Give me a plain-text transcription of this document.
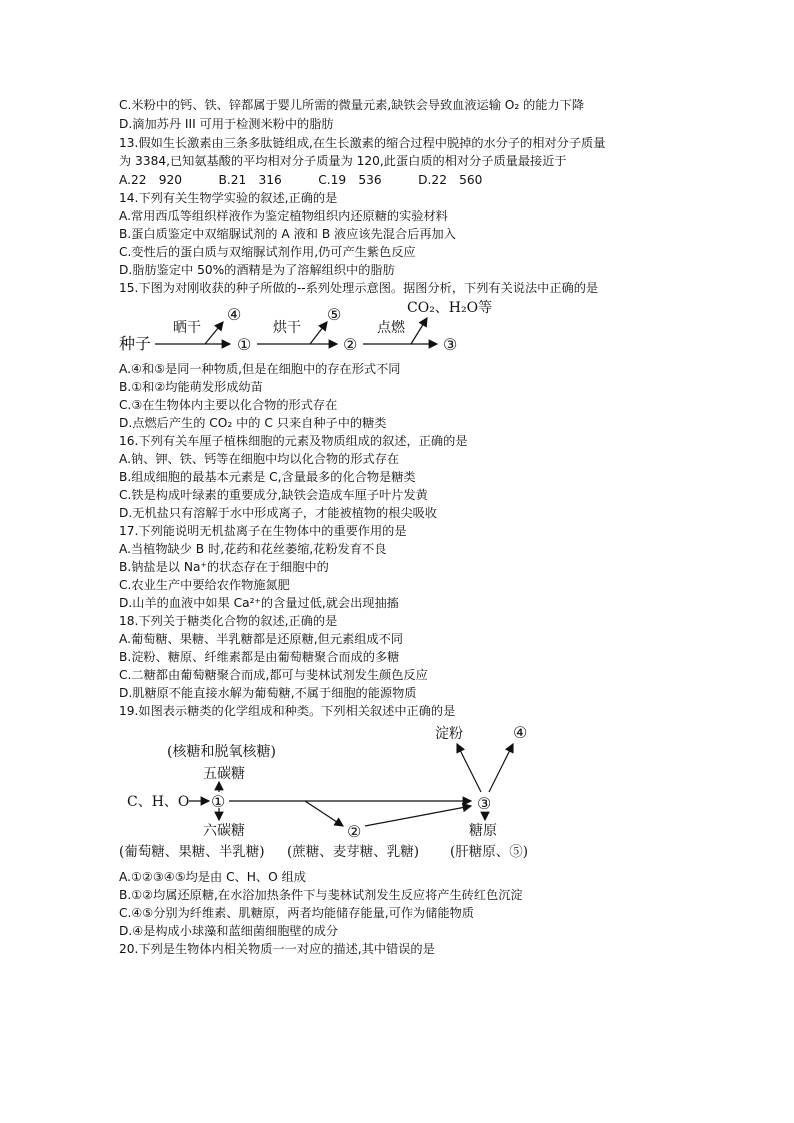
C.米粉中的钙、铁、锌都属于婴儿所需的微量元素,缺铁会导致血液运输 O₂ 的能力下降
D.滴加苏丹 III 可用于检测米粉中的脂肪
13.假如生长激素由三条多肽链组成,在生长激素的缩合过程中脱掉的水分子的相对分子质量
为 3384,已知氨基酸的平均相对分子质量为 120,此蛋白质的相对分子质量最接近于
A.22　920　　　B.21　316　　　C.19　536　　　D.22　560
14.下列有关生物学实验的叙述,正确的是
A.常用西瓜等组织样液作为鉴定植物组织内还原糖的实验材料
B.蛋白质鉴定中双缩脲试剂的 A 液和 B 液应该先混合后再加入
C.变性后的蛋白质与双缩脲试剂作用,仍可产生紫色反应
D.脂肪鉴定中 50%的酒精是为了溶解组织中的脂肪
15.下图为对刚收获的种子所做的--系列处理示意图。据图分析，下列有关说法中正确的是
种子
晒干
④
①
烘干
⑤
②
点燃
CO₂、H₂O等
③
A.④和⑤是同一种物质,但是在细胞中的存在形式不同
B.①和②均能萌发形成幼苗
C.③在生物体内主要以化合物的形式存在
D.点燃后产生的 CO₂ 中的 C 只来自种子中的糖类
16.下列有关车厘子植株细胞的元素及物质组成的叙述，正确的是
A.钠、钾、铁、钙等在细胞中均以化合物的形式存在
B.组成细胞的最基本元素是 C,含量最多的化合物是糖类
C.铁是构成叶绿素的重要成分,缺铁会造成车厘子叶片发黄
D.无机盐只有溶解于水中形成离子，才能被植物的根尖吸收
17.下列能说明无机盐离子在生物体中的重要作用的是
A.当植物缺少 B 时,花药和花丝萎缩,花粉发育不良
B.钠盐是以 Na⁺的状态存在于细胞中的
C.农业生产中要给农作物施氮肥
D.山羊的血液中如果 Ca²⁺的含量过低,就会出现抽搐
18.下列关于糖类化合物的叙述,正确的是
A.葡萄糖、果糖、半乳糖都是还原糖,但元素组成不同
B.淀粉、糖原、纤维素都是由葡萄糖聚合而成的多糖
C.二糖都由葡萄糖聚合而成,都可与斐林试剂发生颜色反应
D.肌糖原不能直接水解为葡萄糖,不属于细胞的能源物质
19.如图表示糖类的化学组成和种类。下列相关叙述中正确的是
(核糖和脱氧核糖)
五碳糖
C、H、O ①
六碳糖	②
③
淀粉	④
糖原
(葡萄糖、果糖、半乳糖) (蔗糖、麦芽糖、乳糖) (肝糖原、⑤)
A.①②③④⑤均是由 C、H、O 组成
B.①②均属还原糖,在水浴加热条件下与斐林试剂发生反应将产生砖红色沉淀
C.④⑤分别为纤维素、肌糖原，两者均能储存能量,可作为储能物质
D.④是构成小球藻和蓝细菌细胞壁的成分
20.下列是生物体内相关物质一一对应的描述,其中错误的是
